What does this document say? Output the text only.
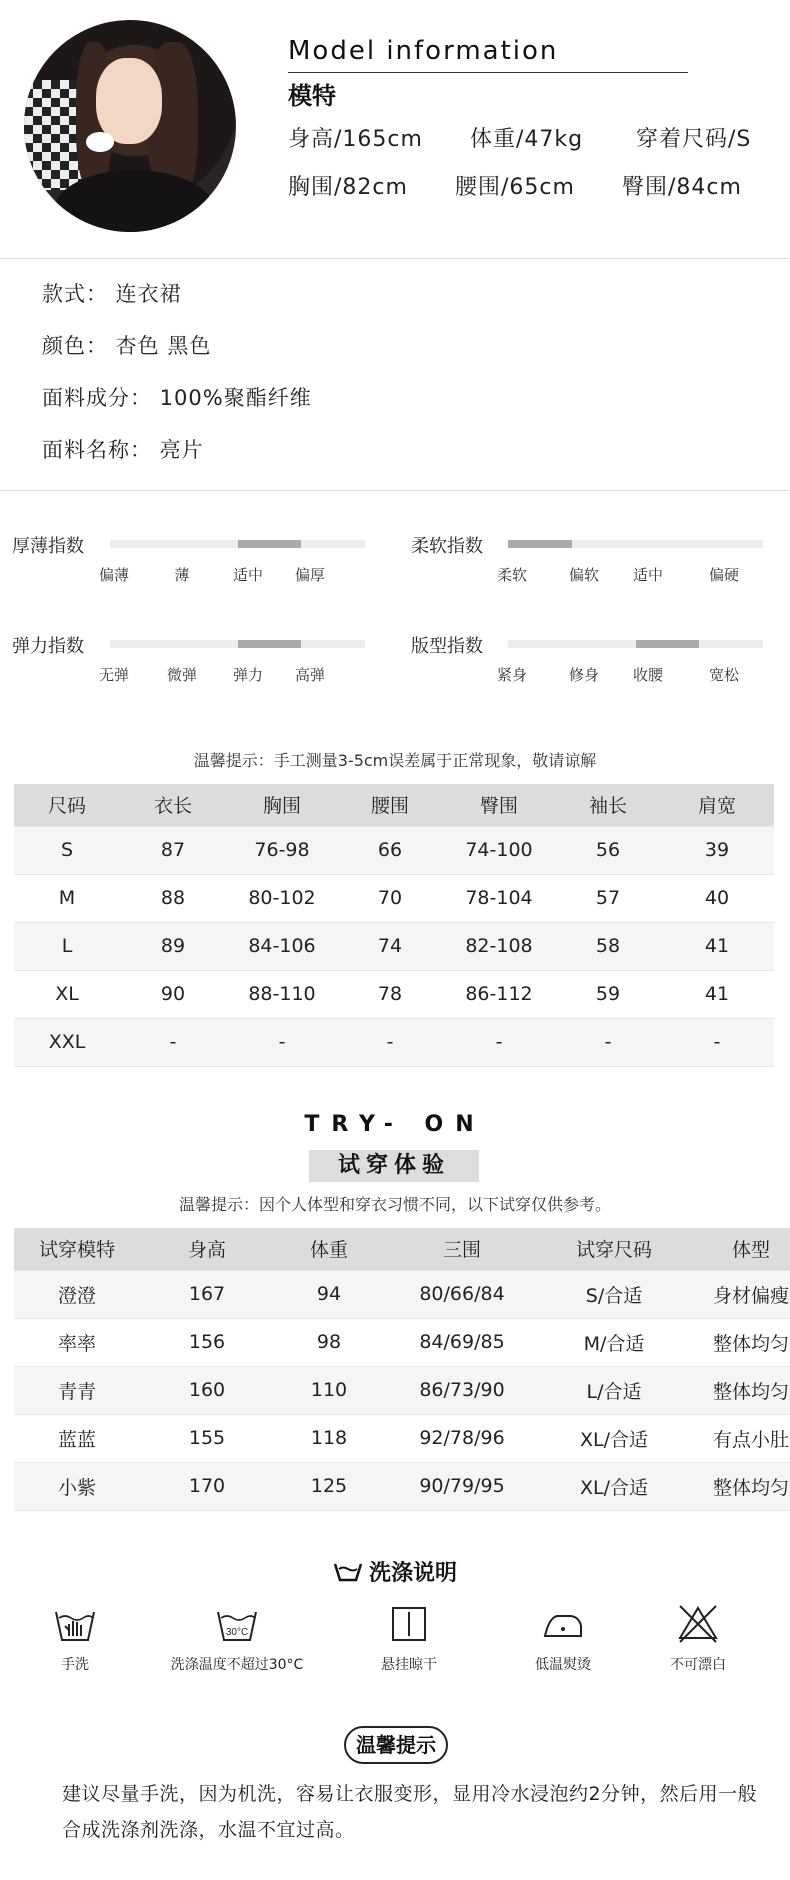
Model information
模特
身高/165cm 体重/47kg 穿着尺码/S
胸围/82cm 腰围/65cm 臀围/84cm
款式： 连衣裙
颜色： 杏色 黑色
面料成分： 100%聚酯纤维
面料名称： 亮片
厚薄指数
偏薄	薄	适中	偏厚
柔软指数
柔软	偏软	适中	偏硬
弹力指数
无弹	微弹	弹力	高弹
版型指数
紧身	修身	收腰	宽松
温馨提示：手工测量3-5cm误差属于正常现象，敬请谅解
尺码	衣长	胸围	腰围	臀围	袖长	肩宽
S	87	76-98	66	74-100	56	39
M	88	80-102	70	78-104	57	40
L	89	84-106	74	82-108	58	41
XL	90	88-110	78	86-112	59	41
XXL	-	-	-	-	-	-
TRY- ON
试穿体验
温馨提示：因个人体型和穿衣习惯不同，以下试穿仅供参考。
试穿模特	身高	体重	三围	试穿尺码	体型
澄澄	167	94	80/66/84	S/合适	身材偏瘦
率率	156	98	84/69/85	M/合适	整体均匀
青青	160	110	86/73/90	L/合适	整体均匀
蓝蓝	155	118	92/78/96	XL/合适	有点小肚
小紫	170	125	90/79/95	XL/合适	整体均匀
洗涤说明
手洗
30°C
洗涤温度不超过30°C	悬挂晾干	低温熨烫	不可漂白
温馨提示
建议尽量手洗，因为机洗，容易让衣服变形，显用冷水浸泡约2分钟，然后用一般合成洗涤剂洗涤，水温不宜过高。
